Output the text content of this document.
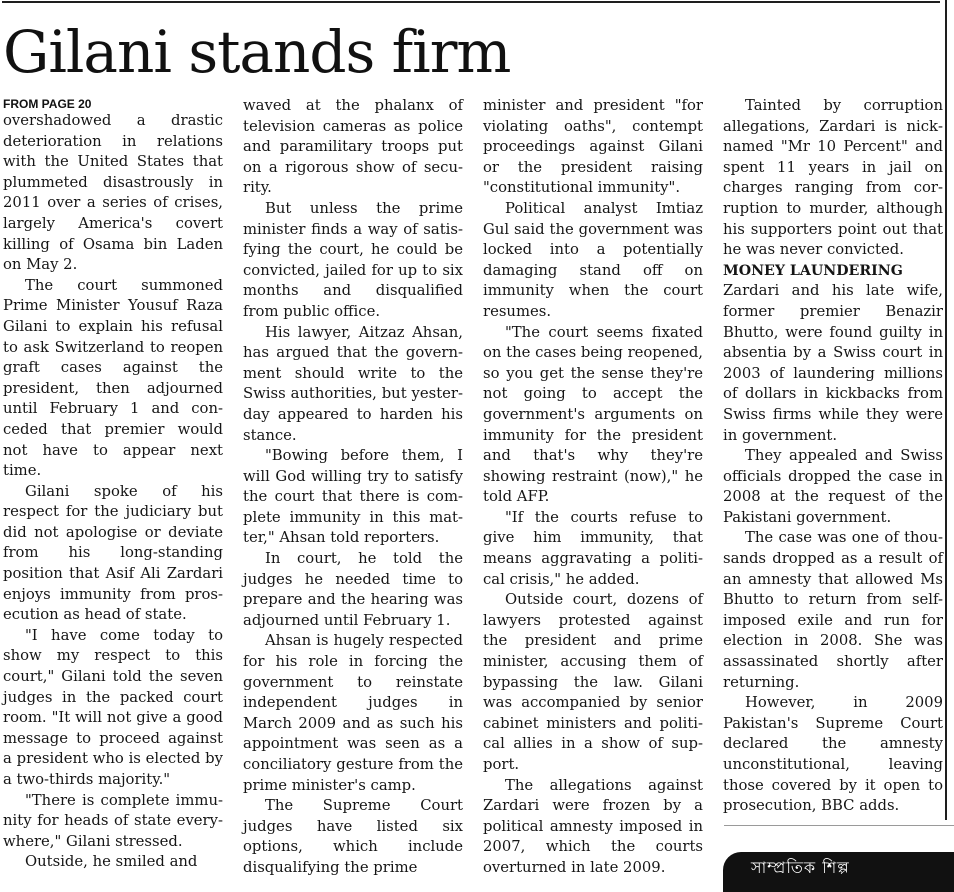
Gilani stands firm
FROM PAGE 20

overshadowed a drastic deterioration in relations with the United States that plummeted disastrously in 2011 over a series of crises, largely America's covert killing of Osama bin Laden on May 2.

The court summoned Prime Minister Yousuf Raza Gilani to explain his refusal to ask Switzerland to reopen graft cases against the president, then adjourned until February 1 and conceded that premier would not have to appear next time.

Gilani spoke of his respect for the judiciary but did not apologise or deviate from his long-standing position that Asif Ali Zardari enjoys immunity from prosecution as head of state.

"I have come today to show my respect to this court," Gilani told the seven judges in the packed court room. "It will not give a good message to proceed against a president who is elected by a two-thirds majority."

"There is complete immunity for heads of state everywhere," Gilani stressed.

Outside, he smiled and

waved at the phalanx of television cameras as police and paramilitary troops put on a rigorous show of security.

But unless the prime minister finds a way of satisfying the court, he could be convicted, jailed for up to six months and disqualified from public office.

His lawyer, Aitzaz Ahsan, has argued that the government should write to the Swiss authorities, but yesterday appeared to harden his stance.

"Bowing before them, I will God willing try to satisfy the court that there is complete immunity in this matter," Ahsan told reporters.

In court, he told the judges he needed time to prepare and the hearing was adjourned until February 1.

Ahsan is hugely respected for his role in forcing the government to reinstate independent judges in March 2009 and as such his appointment was seen as a conciliatory gesture from the prime minister's camp.

The Supreme Court judges have listed six options, which include disqualifying the prime

minister and president "for violating oaths", contempt proceedings against Gilani or the president raising "constitutional immunity".

Political analyst Imtiaz Gul said the government was locked into a potentially damaging stand off on immunity when the court resumes.

"The court seems fixated on the cases being reopened, so you get the sense they're not going to accept the government's arguments on immunity for the president and that's why they're showing restraint (now)," he told AFP.

"If the courts refuse to give him immunity, that means aggravating a political crisis," he added.

Outside court, dozens of lawyers protested against the president and prime minister, accusing them of bypassing the law. Gilani was accompanied by senior cabinet ministers and political allies in a show of support.

The allegations against Zardari were frozen by a political amnesty imposed in 2007, which the courts overturned in late 2009.

Tainted by corruption allegations, Zardari is nicknamed "Mr 10 Percent" and spent 11 years in jail on charges ranging from corruption to murder, although his supporters point out that he was never convicted.

MONEY LAUNDERING

Zardari and his late wife, former premier Benazir Bhutto, were found guilty in absentia by a Swiss court in 2003 of laundering millions of dollars in kickbacks from Swiss firms while they were in government.

They appealed and Swiss officials dropped the case in 2008 at the request of the Pakistani government.

The case was one of thousands dropped as a result of an amnesty that allowed Ms Bhutto to return from self-imposed exile and run for election in 2008. She was assassinated shortly after returning.

However, in 2009 Pakistan's Supreme Court declared the amnesty unconstitutional, leaving those covered by it open to prosecution, BBC adds.

সাম্প্রতিক শিল্প
